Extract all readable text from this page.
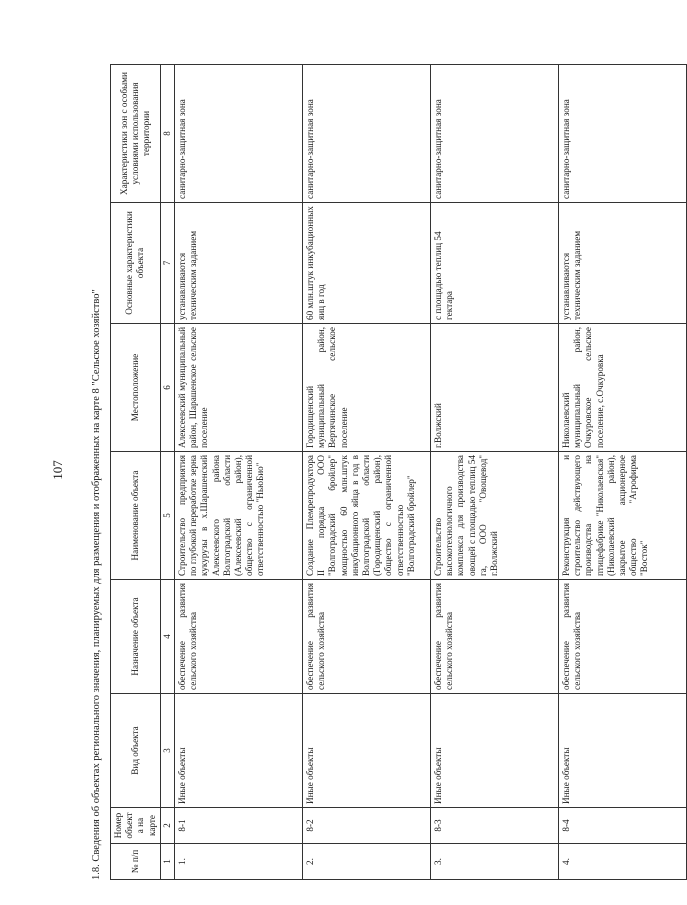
107 1.8. Сведения об объектах регионального значения, планируемых для размещения и отображенных на карте 8 "Сельское хозяйство"	№ п/п	Номер объекта на карте	Вид объекта	Назначение объекта	Наименование объекта	Местоположение	Основные характеристики объекта	Характеристики зон с особыми условиями использования территории
1	2	3	4	5	6	7	8
1.	8-1	Иные объекты	обеспечение развития сельского хозяйства	Строительство предприятия по глубокой переработке зерна кукурузы в х.Шарашенский Алексеевского района Волгоградской области (Алексеевский район), общество с ограниченной ответственностью "НьюБио"	Алексеевский муниципальный район, Шарашенское сельское поселение	устанавливаются техническим заданием	санитарно-защитная зона
2.	8-2	Иные объекты	обеспечение развития сельского хозяйства	Создание Племрепродуктора II порядка ООО "Волгоградский бройлер" мощностью 60 млн.штук инкубационного яйца в год в Волгоградской области (Городищенский район), общество с ограниченной ответственностью "Волгоградский бройлер"	Городищенский муниципальный район, Вертячинское сельское поселение	60 млн.штук инкубационных яиц в год	санитарно-защитная зона
3.	8-3	Иные объекты	обеспечение развития сельского хозяйства	Строительство высокотехнологичного комплекса для производства овощей с площадью теплиц 54 га, ООО "Овощевод" г.Волжский	г.Волжский	с площадью теплиц 54 гектара	санитарно-защитная зона
4.	8-4	Иные объекты	обеспечение развития сельского хозяйства	Реконструкция и строительство действующего производства на птицефабрике "Николаевская" (Николаевский район), закрытое акционерное общество "Агрофирма "Восток"	Николаевский муниципальный район, Очкуровское сельское поселение, с.Очкуровка	устанавливаются техническим заданием	санитарно-защитная зона
